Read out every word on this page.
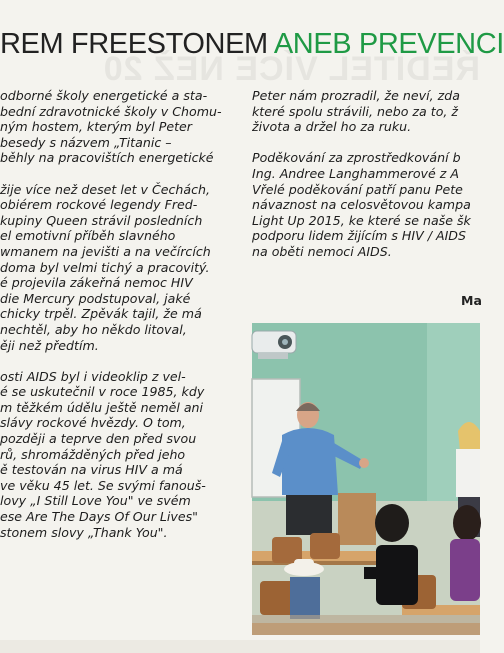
ŘEDITEL VÍCE NEŽ 20
REM FREESTONEM ANEB PREVENCI
odborné školy energetické a sta-
bední zdravotnické školy v Chomu-
ným hostem, kterým byl Peter
besedy s názvem „Titanic –
běhly na pracovištích energetické
žije více než deset let v Čechách,
obiérem rockové legendy Fred-
kupiny Queen strávil posledních
el emotivní příběh slavného
wmanem na jevišti a na večírcích
doma byl velmi tichý a pracovitý.
é projevila zákeřná nemoc HIV
die Mercury podstupoval, jaké
chicky trpěl. Zpěvák tajil, že má
nechtěl, aby ho někdo litoval,
ěji než předtím.
osti AIDS byl i videoklip z vel-
é se uskutečnil v roce 1985, kdy
m těžkém údělu ještě neměl ani
slávy rockové hvězdy. O tom,
později a teprve den před svou
rů, shromážděných před jeho
ě testován na virus HIV a má
ve věku 45 let. Se svými fanouš-
lovy „I Still Love You" ve svém
ese Are The Days Of Our Lives"
stonem slovy „Thank You".
Peter nám prozradil, že neví, zda
které spolu strávili, nebo za to, ž
života a držel ho za ruku.
Poděkování za zprostředkování b
Ing. Andree Langhammerové z A
Vřelé poděkování patří panu Pete
návaznost na celosvětovou kampa
Light Up 2015, ke které se naše šk
podporu lidem žijícím s HIV / AIDS
na oběti nemoci AIDS.
Ma
